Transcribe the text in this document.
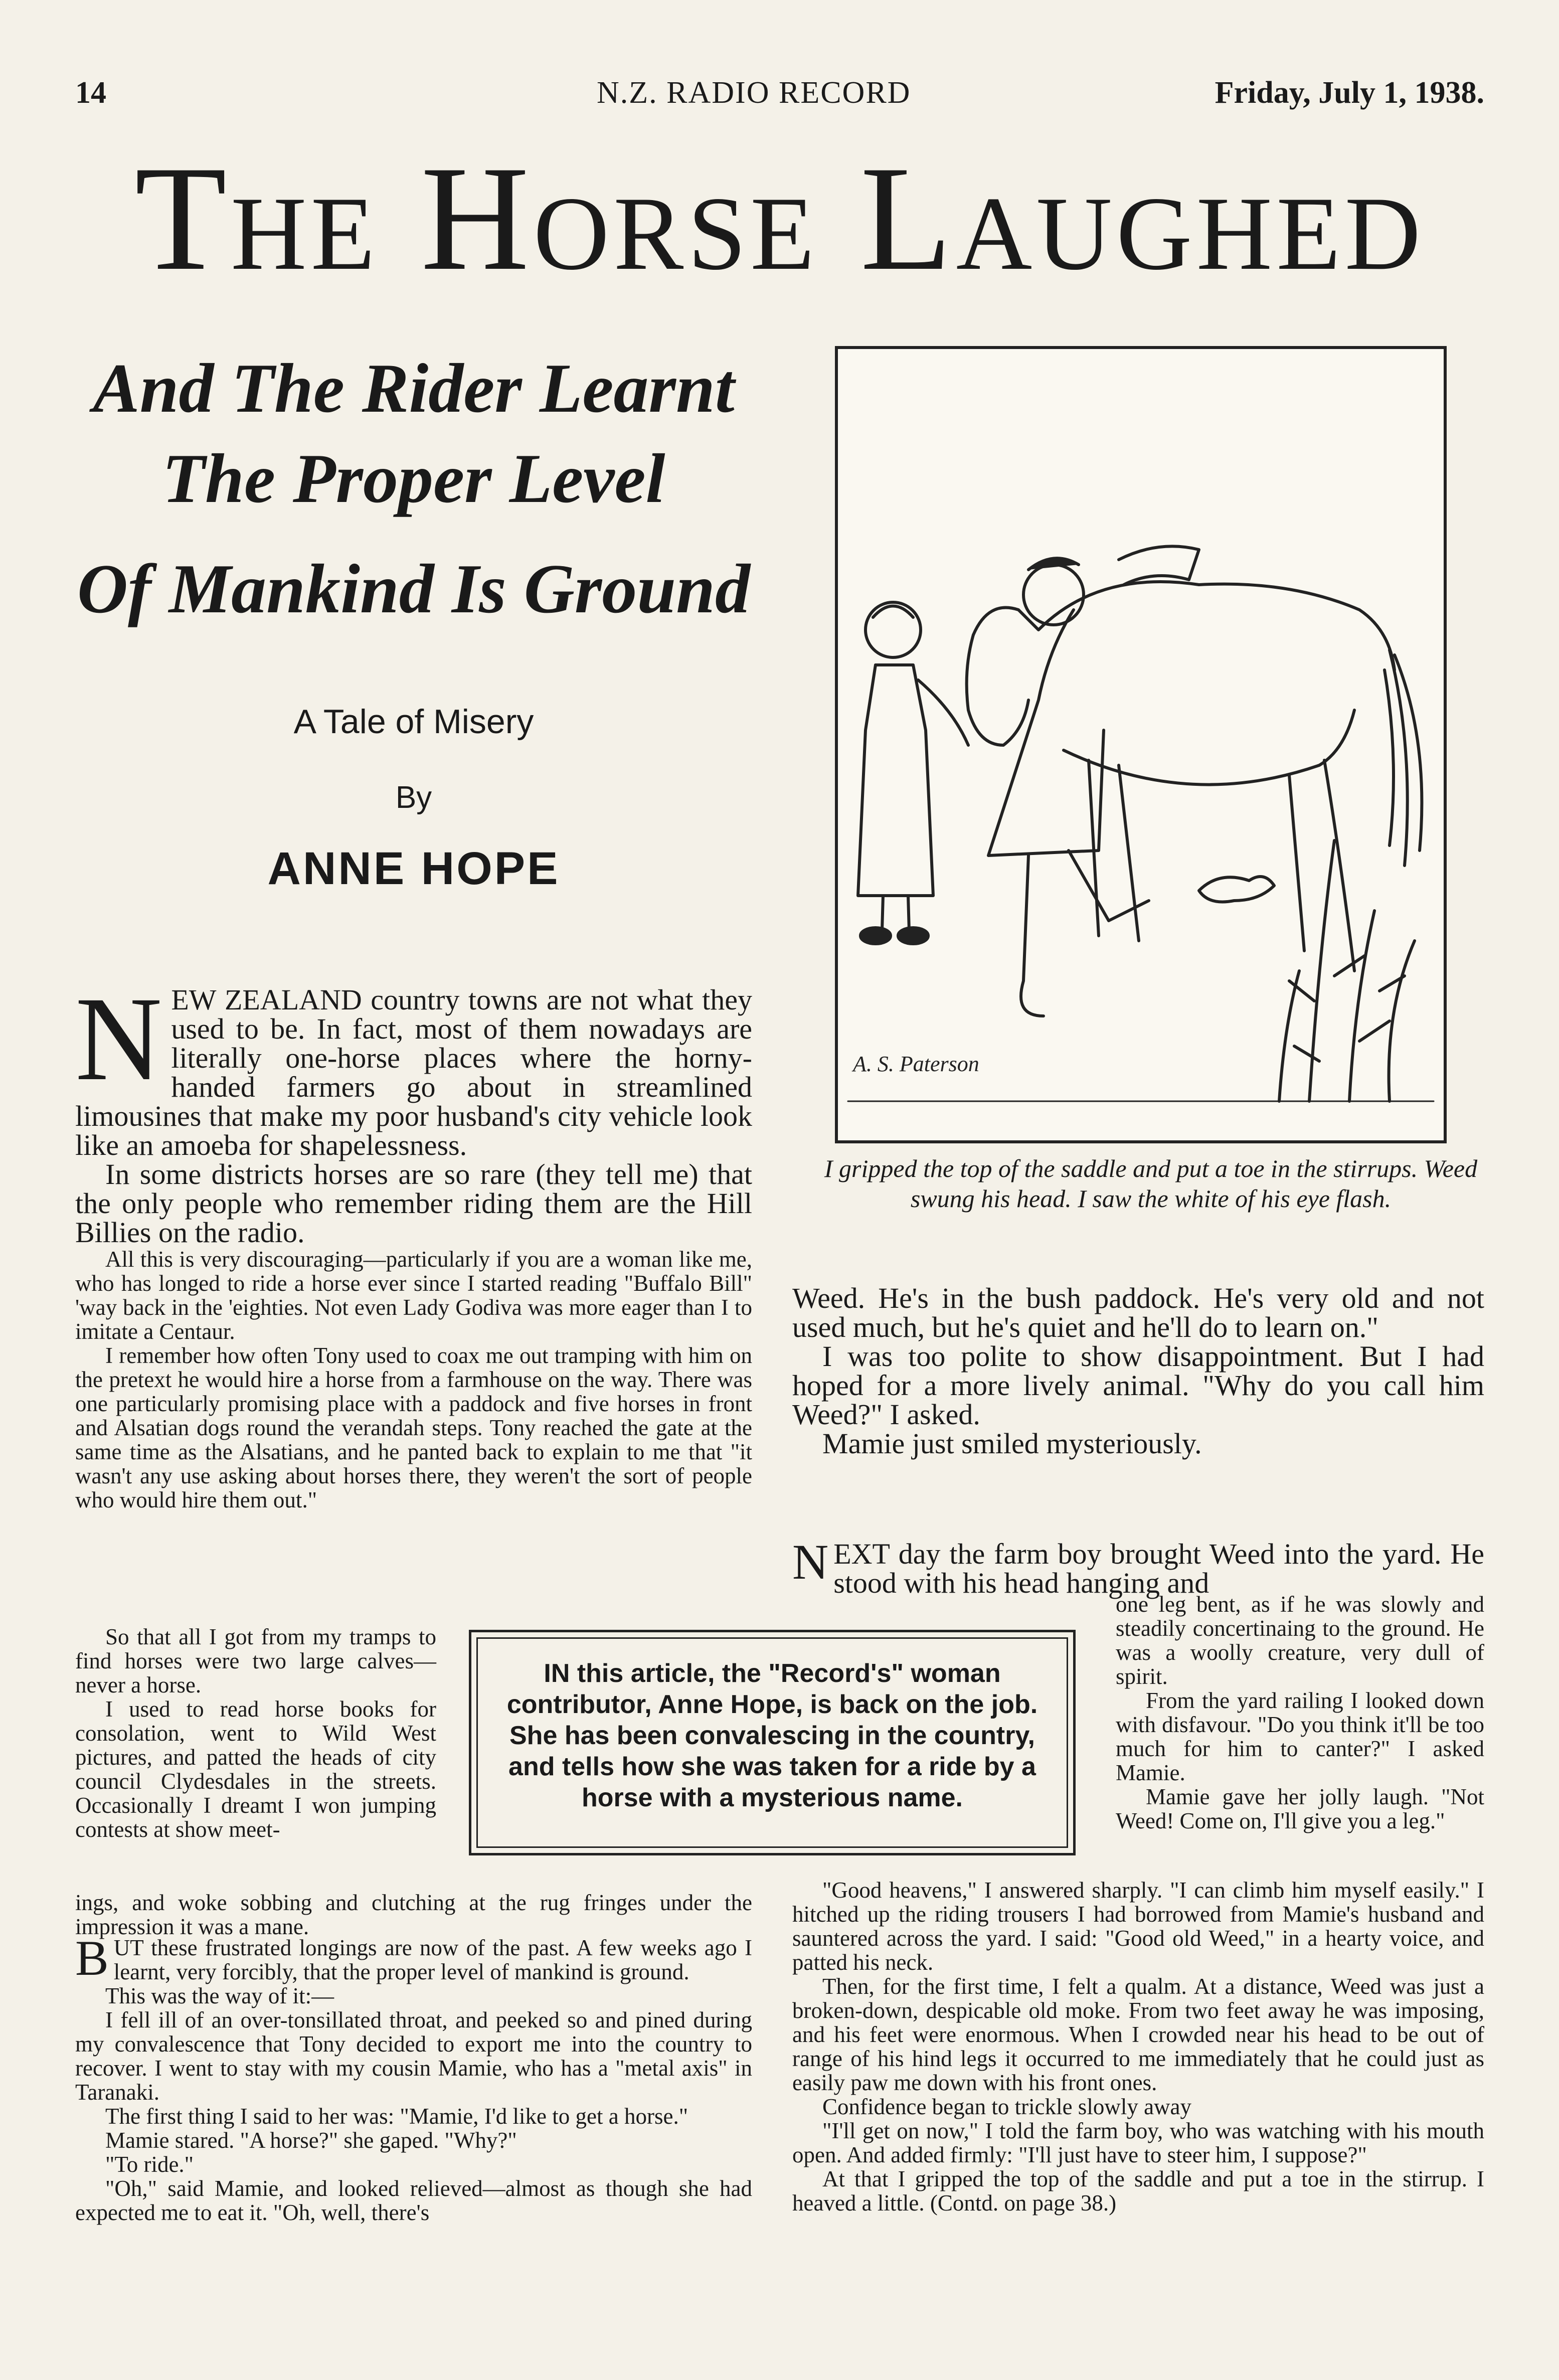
14	N.Z. RADIO RECORD	Friday, July 1, 1938.
The Horse Laughed
And The Rider Learnt
The Proper Level
Of Mankind Is Ground
A Tale of Misery
By
ANNE HOPE
A. S. Paterson
I gripped the top of the saddle and put a toe in the stirrups. Weed swung his head. I saw the white of his eye flash.

NEW ZEALAND country towns are not what they used to be. In fact, most of them nowadays are literally one-horse places where the horny-handed farmers go about in streamlined limousines that make my poor husband's city vehicle look like an amoeba for shapelessness.

In some districts horses are so rare (they tell me) that the only people who remember riding them are the Hill Billies on the radio.

All this is very discouraging—particularly if you are a woman like me, who has longed to ride a horse ever since I started reading "Buffalo Bill" 'way back in the 'eighties. Not even Lady Godiva was more eager than I to imitate a Centaur.

I remember how often Tony used to coax me out tramping with him on the pretext he would hire a horse from a farmhouse on the way. There was one particularly promising place with a paddock and five horses in front and Alsatian dogs round the verandah steps. Tony reached the gate at the same time as the Alsatians, and he panted back to explain to me that "it wasn't any use asking about horses there, they weren't the sort of people who would hire them out."

So that all I got from my tramps to find horses were two large calves—never a horse.

I used to read horse books for consolation, went to Wild West pictures, and patted the heads of city council Clydesdales in the streets. Occasionally I dreamt I won jumping contests at show meet-

ings, and woke sobbing and clutching at the rug fringes under the impression it was a mane.

BUT these frustrated longings are now of the past. A few weeks ago I learnt, very forcibly, that the proper level of mankind is ground.

This was the way of it:—

I fell ill of an over-tonsillated throat, and peeked so and pined during my convalescence that Tony decided to export me into the country to recover. I went to stay with my cousin Mamie, who has a "metal axis" in Taranaki.

The first thing I said to her was: "Mamie, I'd like to get a horse."

Mamie stared. "A horse?" she gaped. "Why?"

"To ride."

"Oh," said Mamie, and looked relieved—almost as though she had expected me to eat it. "Oh, well, there's

Weed. He's in the bush paddock. He's very old and not used much, but he's quiet and he'll do to learn on."

I was too polite to show disappointment. But I had hoped for a more lively animal. "Why do you call him Weed?" I asked.

Mamie just smiled mysteriously.

NEXT day the farm boy brought Weed into the yard. He stood with his head hanging and

one leg bent, as if he was slowly and steadily concertinaing to the ground. He was a woolly creature, very dull of spirit.

From the yard railing I looked down with disfavour. "Do you think it'll be too much for him to canter?" I asked Mamie.

Mamie gave her jolly laugh. "Not Weed! Come on, I'll give you a leg."

"Good heavens," I answered sharply. "I can climb him myself easily." I hitched up the riding trousers I had borrowed from Mamie's husband and sauntered across the yard. I said: "Good old Weed," in a hearty voice, and patted his neck.

Then, for the first time, I felt a qualm. At a distance, Weed was just a broken-down, despicable old moke. From two feet away he was imposing, and his feet were enormous. When I crowded near his head to be out of range of his hind legs it occurred to me immediately that he could just as easily paw me down with his front ones.

Confidence began to trickle slowly away

"I'll get on now," I told the farm boy, who was watching with his mouth open. And added firmly: "I'll just have to steer him, I suppose?"

At that I gripped the top of the saddle and put a toe in the stirrup. I heaved a little. (Contd. on page 38.)

IN this article, the "Record's" woman contributor, Anne Hope, is back on the job. She has been convalescing in the country, and tells how she was taken for a ride by a horse with a mysterious name.
